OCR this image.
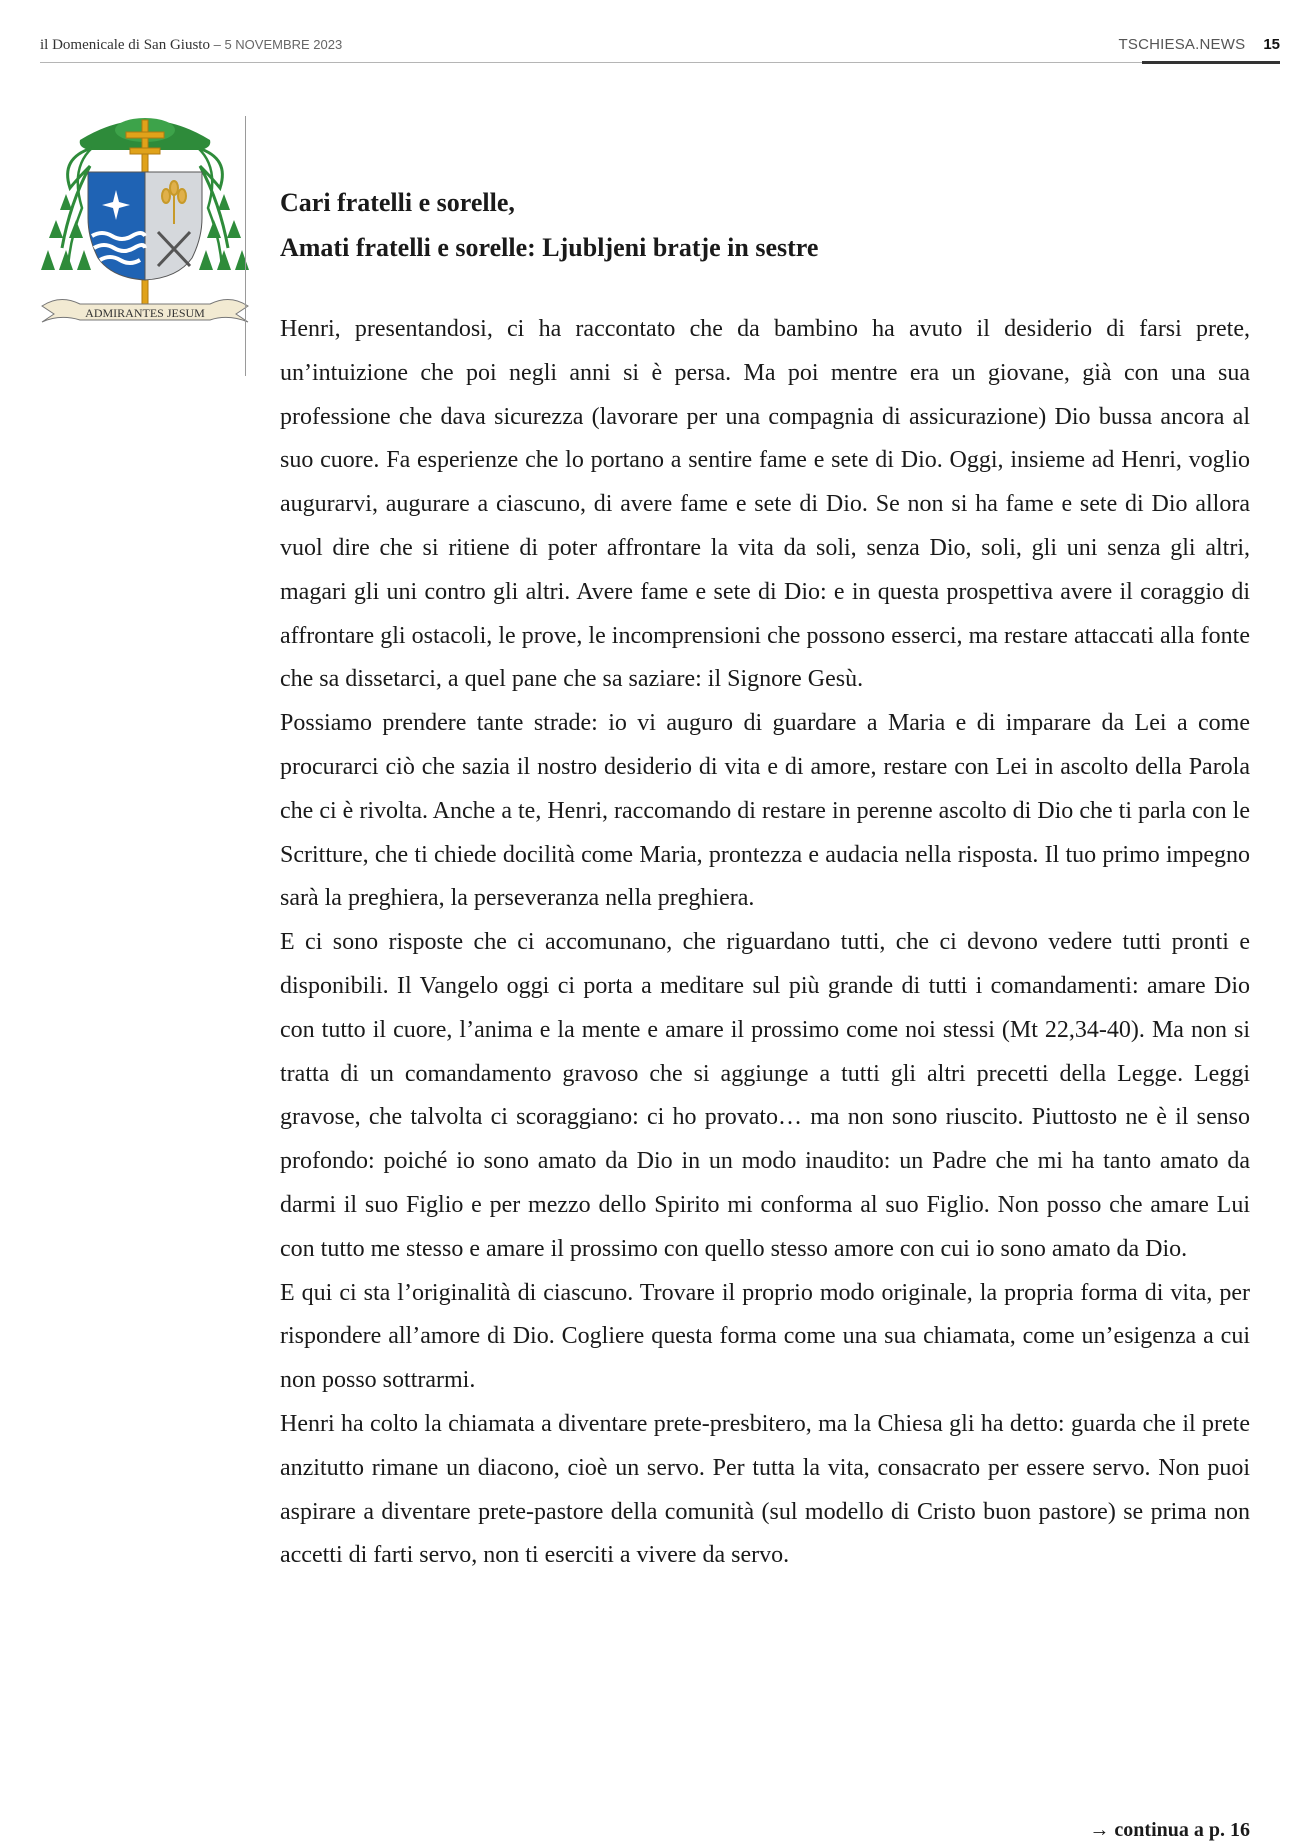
il Domenicale di San Giusto – 5 NOVEMBRE 2023	TSCHIESA.NEWS 15
ADMIRANTES JESUM
Cari fratelli e sorelle,
Amati fratelli e sorelle: Ljubljeni bratje in sestre

Henri, presentandosi, ci ha raccontato che da bambino ha avuto il desiderio di farsi prete, un’intuizione che poi negli anni si è persa. Ma poi mentre era un giovane, già con una sua professione che dava sicurezza (lavorare per una compagnia di assicurazione) Dio bussa ancora al suo cuore. Fa esperienze che lo portano a sentire fame e sete di Dio. Oggi, insieme ad Henri, voglio augurarvi, augurare a ciascuno, di avere fame e sete di Dio. Se non si ha fame e sete di Dio allora vuol dire che si ritiene di poter affrontare la vita da soli, senza Dio, soli, gli uni senza gli altri, magari gli uni contro gli altri. Avere fame e sete di Dio: e in questa prospettiva avere il coraggio di affrontare gli ostacoli, le prove, le incomprensioni che possono esserci, ma restare attaccati alla fonte che sa dissetarci, a quel pane che sa saziare: il Signore Gesù.

Possiamo prendere tante strade: io vi auguro di guardare a Maria e di imparare da Lei a come procurarci ciò che sazia il nostro desiderio di vita e di amore, restare con Lei in ascolto della Parola che ci è rivolta. Anche a te, Henri, raccomando di restare in perenne ascolto di Dio che ti parla con le Scritture, che ti chiede docilità come Maria, prontezza e audacia nella risposta. Il tuo primo impegno sarà la preghiera, la perseveranza nella preghiera.

E ci sono risposte che ci accomunano, che riguardano tutti, che ci devono vedere tutti pronti e disponibili. Il Vangelo oggi ci porta a meditare sul più grande di tutti i comandamenti: amare Dio con tutto il cuore, l’anima e la mente e amare il prossimo come noi stessi (Mt 22,34-40). Ma non si tratta di un comandamento gravoso che si aggiunge a tutti gli altri precetti della Legge. Leggi gravose, che talvolta ci scoraggiano: ci ho provato… ma non sono riuscito. Piuttosto ne è il senso profondo: poiché io sono amato da Dio in un modo inaudito: un Padre che mi ha tanto amato da darmi il suo Figlio e per mezzo dello Spirito mi conforma al suo Figlio. Non posso che amare Lui con tutto me stesso e amare il prossimo con quello stesso amore con cui io sono amato da Dio.

E qui ci sta l’originalità di ciascuno. Trovare il proprio modo originale, la propria forma di vita, per rispondere all’amore di Dio. Cogliere questa forma come una sua chiamata, come un’esigenza a cui non posso sottrarmi.

Henri ha colto la chiamata a diventare prete-presbitero, ma la Chiesa gli ha detto: guarda che il prete anzitutto rimane un diacono, cioè un servo. Per tutta la vita, consacrato per essere servo. Non puoi aspirare a diventare prete-pastore della comunità (sul modello di Cristo buon pastore) se prima non accetti di farti servo, non ti eserciti a vivere da servo.

→ continua a p. 16
